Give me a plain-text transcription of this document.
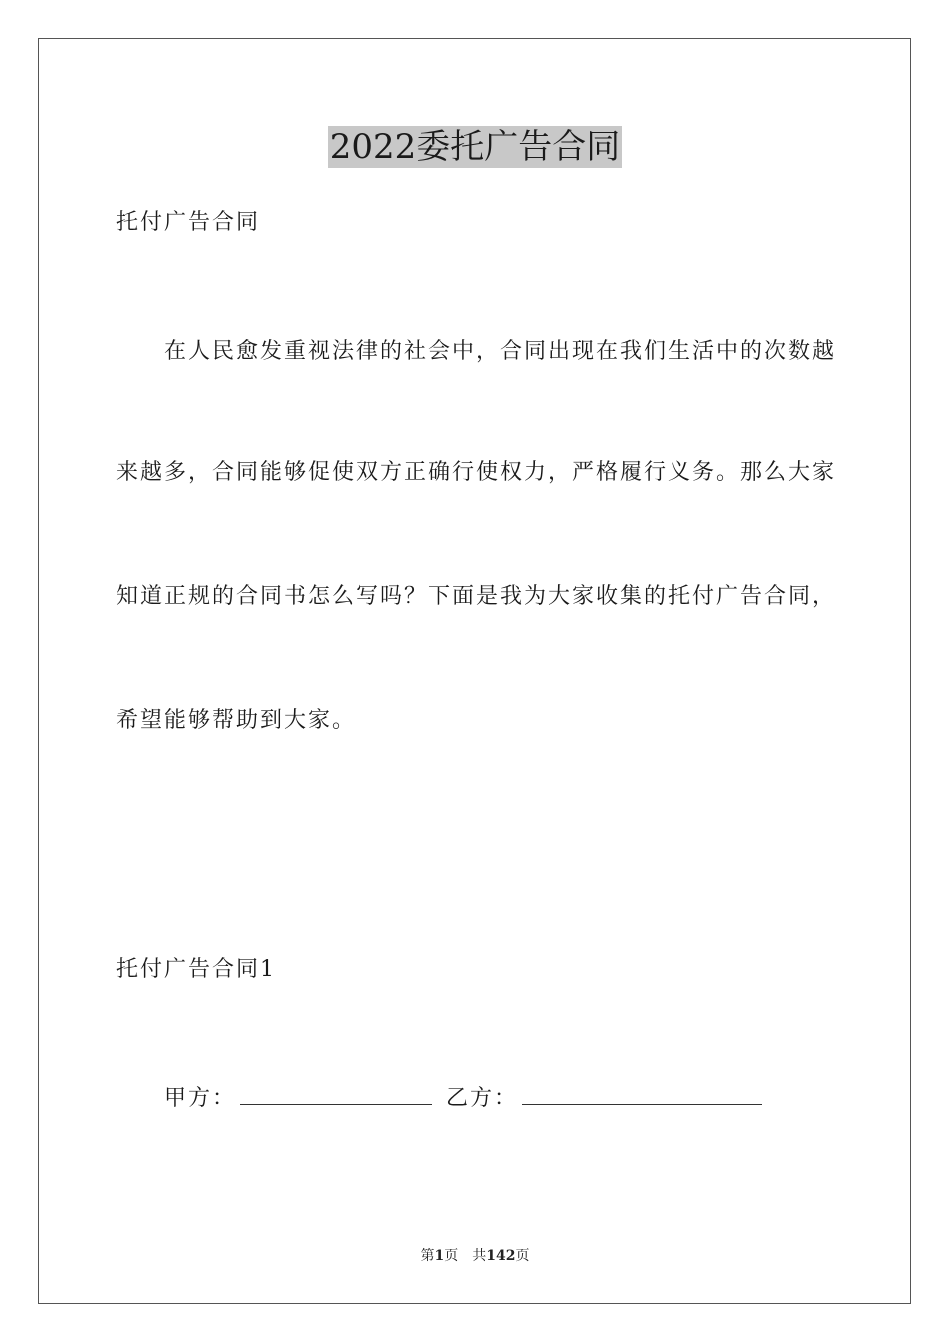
2022委托广告合同
托付广告合同
在人民愈发重视法律的社会中，合同出现在我们生活中的次数越
来越多，合同能够促使双方正确行使权力，严格履行义务。那么大家
知道正规的合同书怎么写吗？下面是我为大家收集的托付广告合同，
希望能够帮助到大家。
托付广告合同1
甲方：	乙方：
第1页 共142页
